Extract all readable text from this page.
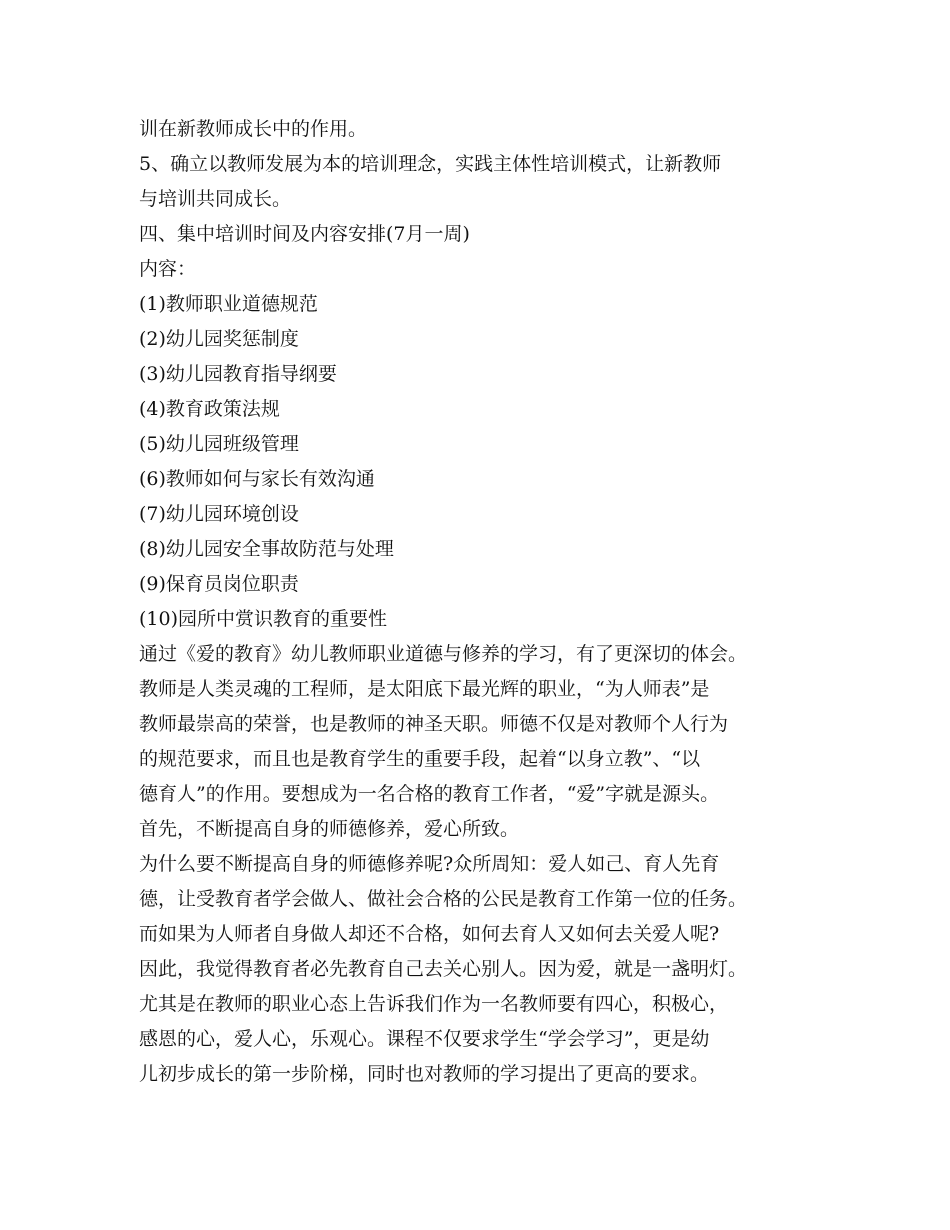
训在新教师成长中的作用。

5、确立以教师发展为本的培训理念，实践主体性培训模式，让新教师

与培训共同成长。

四、集中培训时间及内容安排(7月一周)

内容：

(1)教师职业道德规范

(2)幼儿园奖惩制度

(3)幼儿园教育指导纲要

(4)教育政策法规

(5)幼儿园班级管理

(6)教师如何与家长有效沟通

(7)幼儿园环境创设

(8)幼儿园安全事故防范与处理

(9)保育员岗位职责

(10)园所中赏识教育的重要性

通过《爱的教育》幼儿教师职业道德与修养的学习，有了更深切的体会。

教师是人类灵魂的工程师，是太阳底下最光辉的职业，“为人师表”是

教师最崇高的荣誉，也是教师的神圣天职。师德不仅是对教师个人行为

的规范要求，而且也是教育学生的重要手段，起着“以身立教”、“以

德育人”的作用。要想成为一名合格的教育工作者，“爱”字就是源头。

首先，不断提高自身的师德修养，爱心所致。

为什么要不断提高自身的师德修养呢?众所周知：爱人如己、育人先育

德，让受教育者学会做人、做社会合格的公民是教育工作第一位的任务。

而如果为人师者自身做人却还不合格，如何去育人又如何去关爱人呢?

因此，我觉得教育者必先教育自己去关心别人。因为爱，就是一盏明灯。

尤其是在教师的职业心态上告诉我们作为一名教师要有四心，积极心，

感恩的心，爱人心，乐观心。课程不仅要求学生“学会学习”，更是幼

儿初步成长的第一步阶梯，同时也对教师的学习提出了更高的要求。
